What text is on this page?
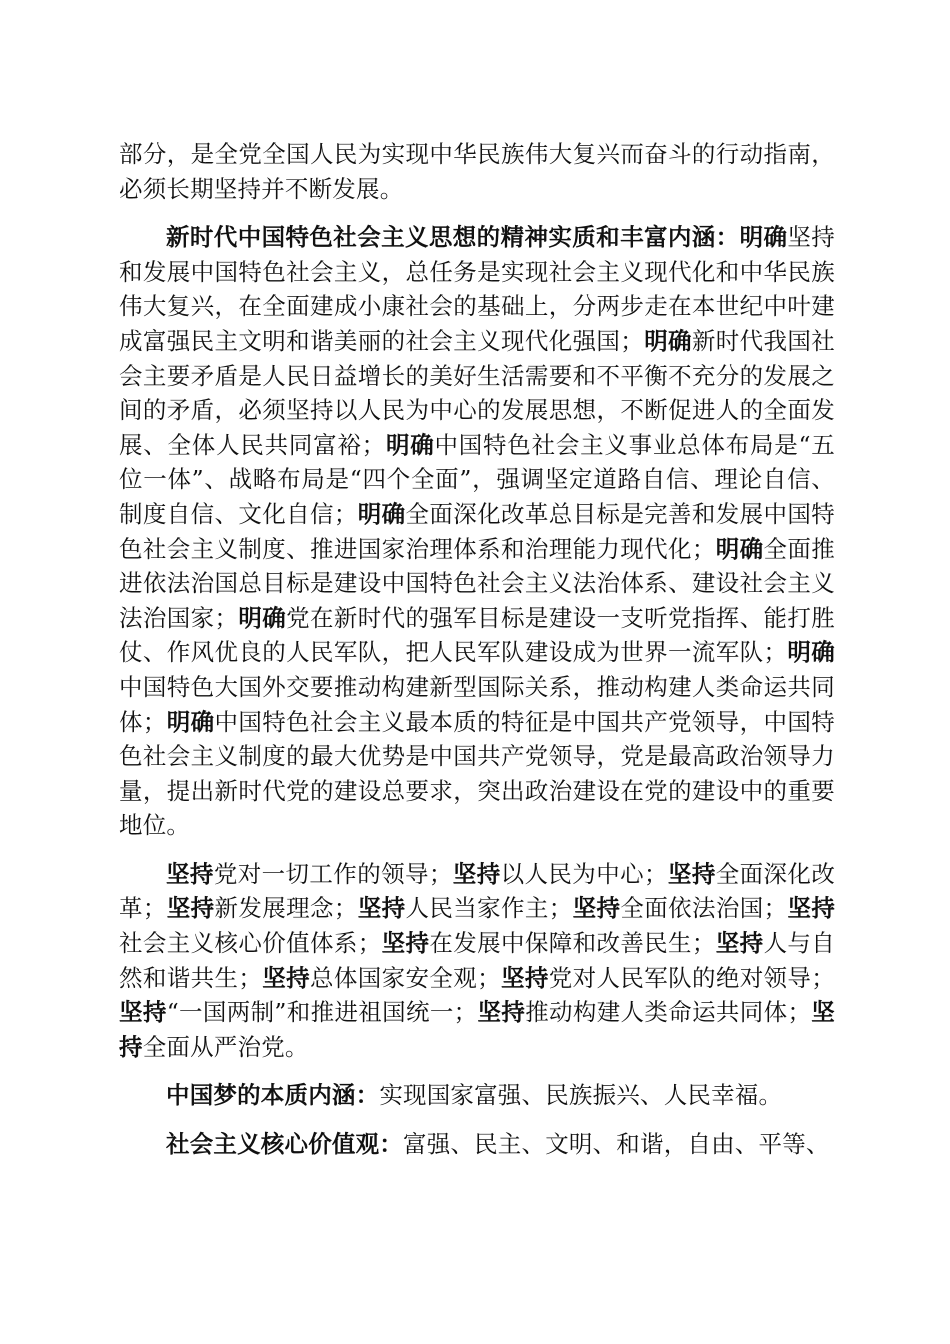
部分，是全党全国人民为实现中华民族伟大复兴而奋斗的行动指南，必须长期坚持并不断发展。

新时代中国特色社会主义思想的精神实质和丰富内涵：明确坚持和发展中国特色社会主义，总任务是实现社会主义现代化和中华民族伟大复兴，在全面建成小康社会的基础上，分两步走在本世纪中叶建成富强民主文明和谐美丽的社会主义现代化强国；明确新时代我国社会主要矛盾是人民日益增长的美好生活需要和不平衡不充分的发展之间的矛盾，必须坚持以人民为中心的发展思想，不断促进人的全面发展、全体人民共同富裕；明确中国特色社会主义事业总体布局是“五位一体”、战略布局是“四个全面”，强调坚定道路自信、理论自信、制度自信、文化自信；明确全面深化改革总目标是完善和发展中国特色社会主义制度、推进国家治理体系和治理能力现代化；明确全面推进依法治国总目标是建设中国特色社会主义法治体系、建设社会主义法治国家；明确党在新时代的强军目标是建设一支听党指挥、能打胜仗、作风优良的人民军队，把人民军队建设成为世界一流军队；明确中国特色大国外交要推动构建新型国际关系，推动构建人类命运共同体；明确中国特色社会主义最本质的特征是中国共产党领导，中国特色社会主义制度的最大优势是中国共产党领导，党是最高政治领导力量，提出新时代党的建设总要求，突出政治建设在党的建设中的重要地位。

坚持党对一切工作的领导；坚持以人民为中心；坚持全面深化改革；坚持新发展理念；坚持人民当家作主；坚持全面依法治国；坚持社会主义核心价值体系；坚持在发展中保障和改善民生；坚持人与自然和谐共生；坚持总体国家安全观；坚持党对人民军队的绝对领导；坚持“一国两制”和推进祖国统一；坚持推动构建人类命运共同体；坚持全面从严治党。

中国梦的本质内涵：实现国家富强、民族振兴、人民幸福。

社会主义核心价值观：富强、民主、文明、和谐，自由、平等、
